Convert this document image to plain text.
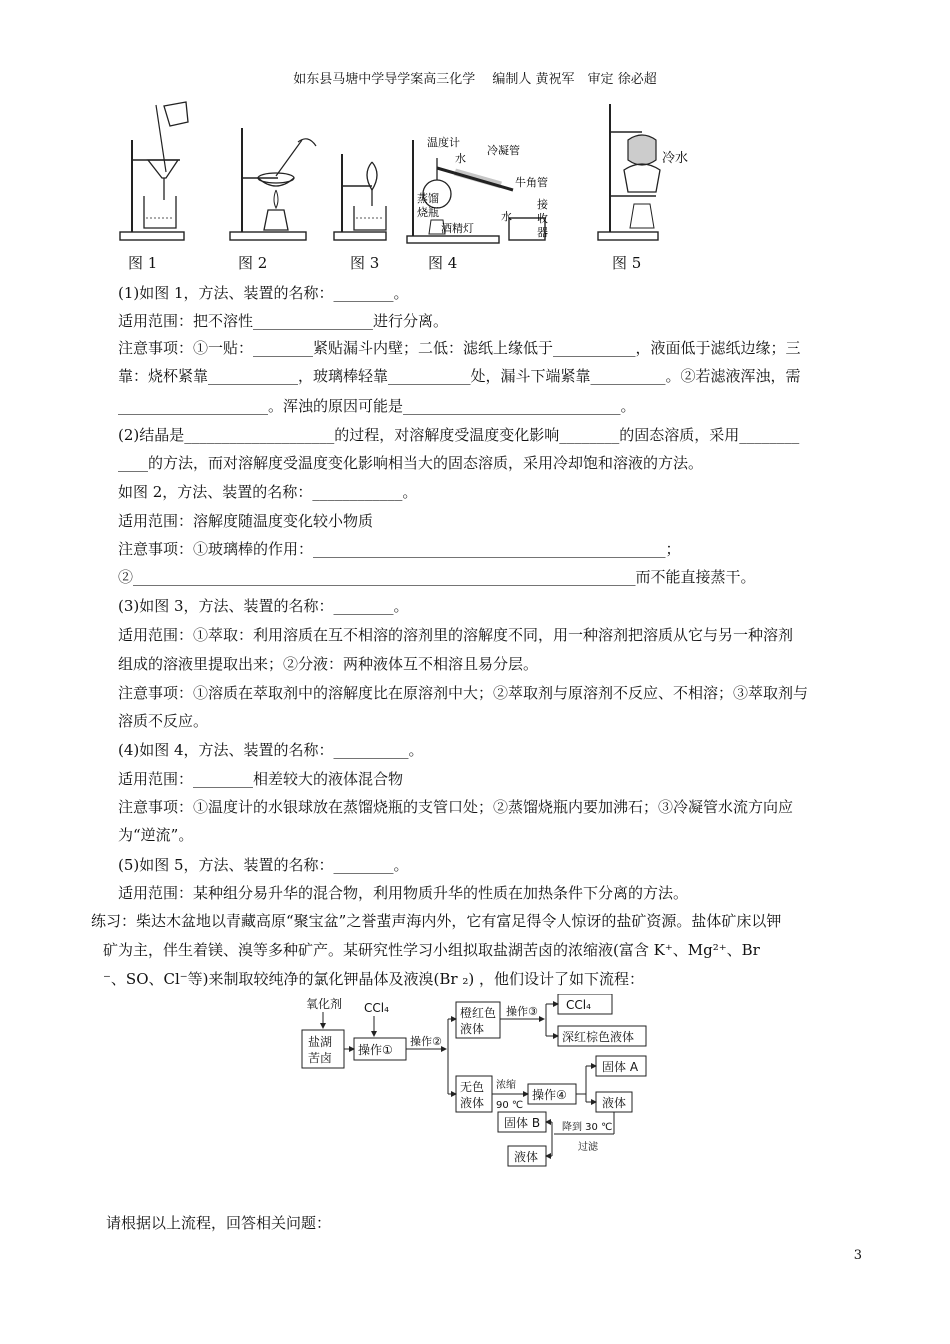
如东县马塘中学导学案高三化学　 编制人 黄祝军　审定 徐必超
温度计
水
冷凝管
牛角管
蒸馏
烧瓶	水
酒精灯
接
收
器
冷水
图 1	图 2	图 3	图 4	图 5
(1)如图 1，方法、装置的名称：________。
适用范围：把不溶性________________进行分离。
注意事项：①一贴：________紧贴漏斗内壁；二低：滤纸上缘低于___________，液面低于滤纸边缘；三
靠：烧杯紧靠____________，玻璃棒轻靠___________处，漏斗下端紧靠__________。②若滤液浑浊，需
____________________。浑浊的原因可能是_____________________________。
(2)结晶是____________________的过程，对溶解度受温度变化影响________的固态溶质，采用________
____的方法，而对溶解度受温度变化影响相当大的固态溶质，采用冷却饱和溶液的方法。
如图 2，方法、装置的名称：____________。
适用范围：溶解度随温度变化较小物质
注意事项：①玻璃棒的作用：_______________________________________________；
②___________________________________________________________________而不能直接蒸干。
(3)如图 3，方法、装置的名称：________。
适用范围：①萃取：利用溶质在互不相溶的溶剂里的溶解度不同，用一种溶剂把溶质从它与另一种溶剂
组成的溶液里提取出来；②分液：两种液体互不相溶且易分层。
注意事项：①溶质在萃取剂中的溶解度比在原溶剂中大；②萃取剂与原溶剂不反应、不相溶；③萃取剂与
溶质不反应。
(4)如图 4，方法、装置的名称：__________。
适用范围：________相差较大的液体混合物
注意事项：①温度计的水银球放在蒸馏烧瓶的支管口处；②蒸馏烧瓶内要加沸石；③冷凝管水流方向应
为“逆流”。
(5)如图 5，方法、装置的名称：________。
适用范围：某种组分易升华的混合物，利用物质升华的性质在加热条件下分离的方法。
练习：柴达木盆地以青藏高原“聚宝盆”之誉蜚声海内外，它有富足得令人惊讶的盐矿资源。盐体矿床以钾
矿为主，伴生着镁、溴等多种矿产。某研究性学习小组拟取盐湖苦卤的浓缩液(富含 K⁺、Mg²⁺、Br
⁻、SO、Cl⁻等)来制取较纯净的氯化钾晶体及液溴(Br ₂) ，他们设计了如下流程：
氧化剂 CCl₄
盐湖
苦卤
操作①
操作②
橙红色
液体
操作③ CCl₄
深红棕色液体
无色
液体
浓缩
90 ℃
操作④
固体 A
液体
降到 30 ℃
过滤
固体 B
液体
请根据以上流程，回答相关问题：
3
